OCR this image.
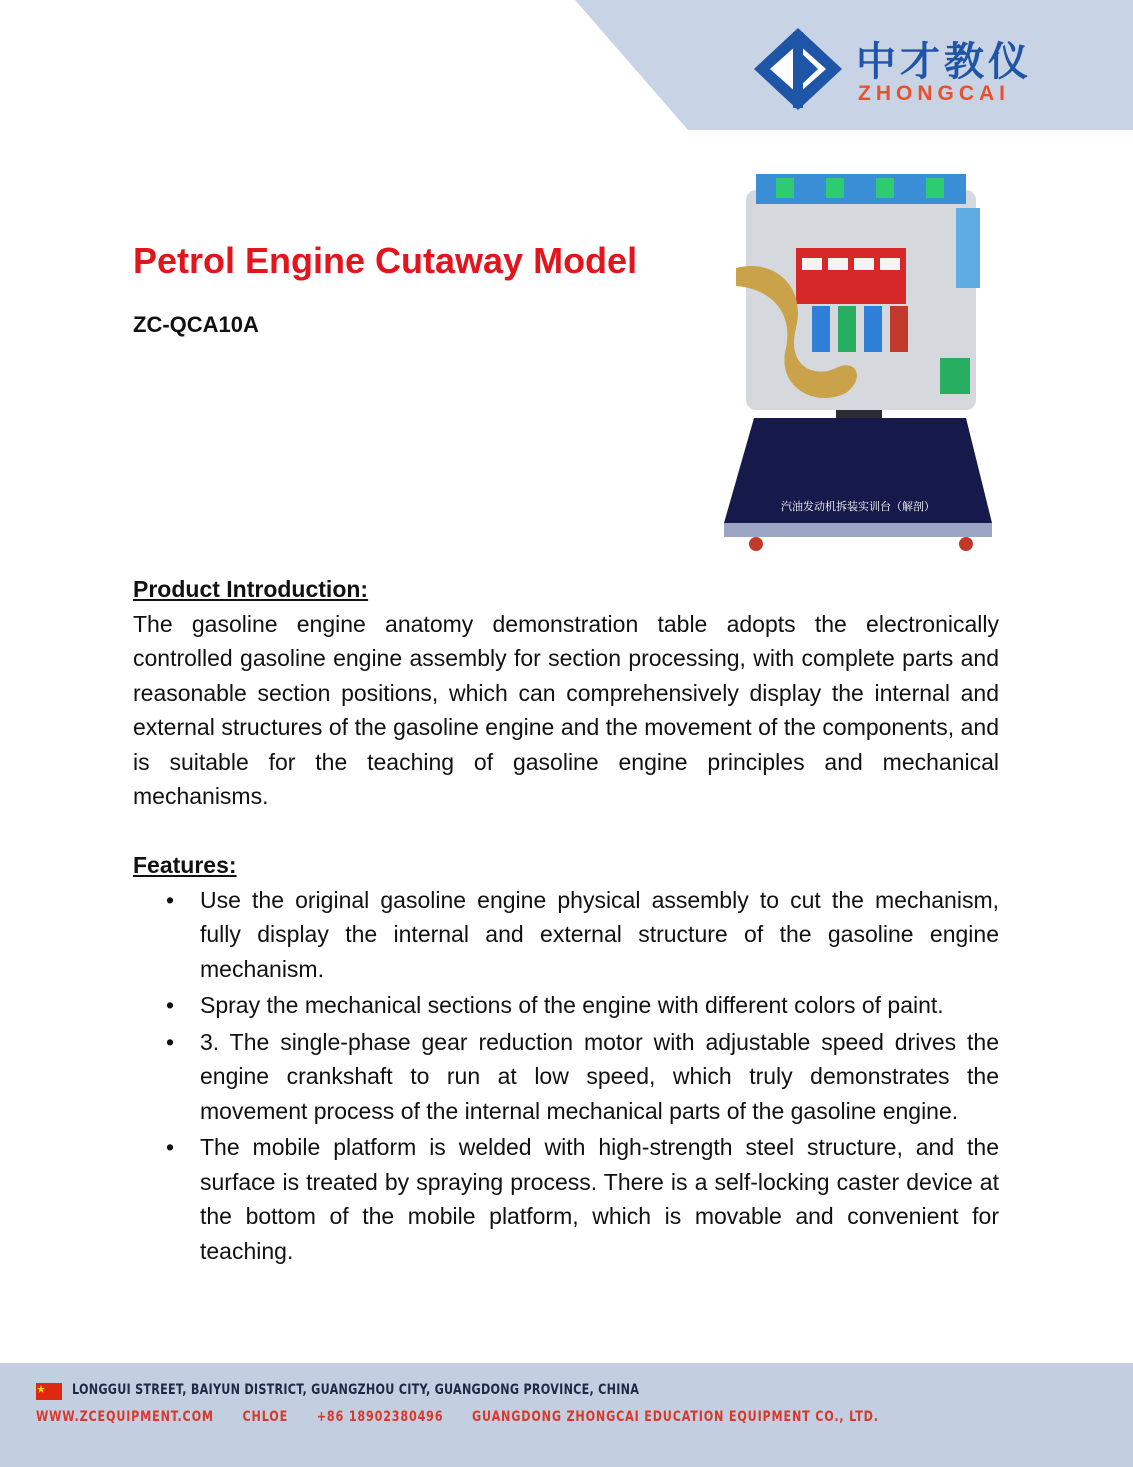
中才教仪
ZHONGCAI
Petrol Engine Cutaway Model
ZC-QCA10A
汽油发动机拆装实训台（解剖）
Product Introduction:

The gasoline engine anatomy demonstration table adopts the electronically controlled gasoline engine assembly for section processing, with complete parts and reasonable section positions, which can comprehensively display the internal and external structures of the gasoline engine and the movement of the components, and is suitable for the teaching of gasoline engine principles and mechanical mechanisms.

Features:
• Use the original gasoline engine physical assembly to cut the mechanism, fully display the internal and external structure of the gasoline engine mechanism.
• Spray the mechanical sections of the engine with different colors of paint.
• 3. The single-phase gear reduction motor with adjustable speed drives the engine crankshaft to run at low speed, which truly demonstrates the movement process of the internal mechanical parts of the gasoline engine.
• The mobile platform is welded with high-strength steel structure, and the surface is treated by spraying process. There is a self-locking caster device at the bottom of the mobile platform, which is movable and convenient for teaching.
LONGGUI STREET, BAIYUN DISTRICT, GUANGZHOU CITY, GUANGDONG PROVINCE, CHINA
WWW.ZCEQUIPMENT.COM CHLOE +86 18902380496 GUANGDONG ZHONGCAI EDUCATION EQUIPMENT CO., LTD.
